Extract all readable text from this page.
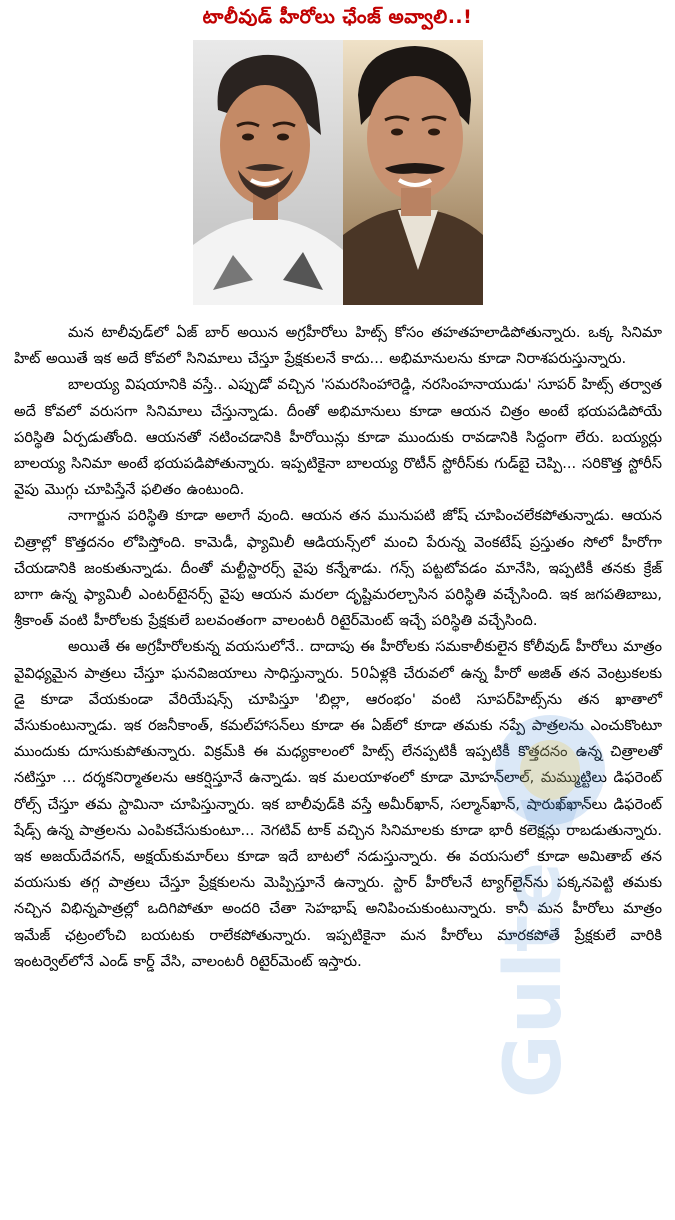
టాలీవుడ్ హీరోలు ఛేంజ్ అవ్వాలి..!

మన టాలీవుడ్‌లో ఏజ్ బార్ అయిన అగ్రహీరోలు హిట్స్ కోసం తహతహలాడిపోతున్నారు. ఒక్క సినిమా హిట్ అయితే ఇక అదే కోవలో సినిమాలు చేస్తూ ప్రేక్షకులనే కాదు... అభిమానులను కూడా నిరాశపరుస్తున్నారు.

బాలయ్య విషయానికి వస్తే.. ఎప్పుడో వచ్చిన 'సమరసింహారెడ్డి, నరసింహనాయుడు' సూపర్ హిట్స్ తర్వాత అదే కోవలో వరుసగా సినిమాలు చేస్తున్నాడు. దీంతో అభిమానులు కూడా ఆయన చిత్రం అంటే భయపడిపోయే పరిస్థితి ఏర్పడుతోంది. ఆయనతో నటించడానికి హీరోయిన్లు కూడా ముందుకు రావడానికి సిద్దంగా లేరు. బయ్యర్లు బాలయ్య సినిమా అంటే భయపడిపోతున్నారు. ఇప్పటికైనా బాలయ్య రొటీన్ స్టోరీస్‌కు గుడ్‌బై చెప్పి... సరికొత్త స్టోరీస్ వైపు మొగ్గు చూపిస్తేనే ఫలితం ఉంటుంది.

నాగార్జున పరిస్థితి కూడా అలాగే వుంది. ఆయన తన మునుపటి జోష్ చూపించలేకపోతున్నాడు. ఆయన చిత్రాల్లో కొత్తదనం లోపిస్తోంది. కామెడీ, ఫ్యామిలీ ఆడియన్స్‌లో మంచి పేరున్న వెంకటేష్ ప్రస్తుతం సోలో హీరోగా చేయడానికి జంకుతున్నాడు. దీంతో మల్టీస్టారర్స్ వైపు కన్నేశాడు. గన్స్ పట్టటోవడం మానేసి, ఇప్పటికీ తనకు క్రేజ్ బాగా ఉన్న ఫ్యామిలీ ఎంటర్‌టైనర్స్ వైపు ఆయన మరలా దృష్టిమరల్చాసిన పరిస్థితి వచ్చేసింది. ఇక జగపతిబాబు, శ్రీకాంత్ వంటి హీరోలకు ప్రేక్షకులే బలవంతంగా వాలంటరీ రిటైర్‌మెంట్ ఇచ్చే పరిస్థితి వచ్చేసింది.

అయితే ఈ అగ్రహీరోలకున్న వయసులోనే.. దాదాపు ఈ హీరోలకు సమకాలీకులైన కోలీవుడ్ హీరోలు మాత్రం వైవిధ్యమైన పాత్రలు చేస్తూ ఘనవిజయాలు సాధిస్తున్నారు. 50ఏళ్లకి చేరువలో ఉన్న హీరో అజిత్ తన వెంట్రుకలకు డై కూడా వేయకుండా వేరియేషన్స్ చూపిస్తూ 'బిల్లా, ఆరంభం' వంటి సూపర్‌హిట్స్‌ను తన ఖాతాలో వేసుకుంటున్నాడు. ఇక రజనీకాంత్, కమల్‌హాసన్‌లు కూడా ఈ ఏజ్‌లో కూడా తమకు నప్పే పాత్రలను ఎంచుకొంటూ ముందుకు దూసుకుపోతున్నారు. విక్రమ్‌కి ఈ మధ్యకాలంలో హిట్స్ లేనప్పటికీ ఇప్పటికీ కొత్తదనం ఉన్న చిత్రాలతో నటిస్తూ ... దర్శకనిర్మాతలను ఆకర్షిస్తూనే ఉన్నాడు. ఇక మలయాళంలో కూడా మోహన్‌లాల్, మమ్ముట్టిలు డిఫరెంట్ రోల్స్ చేస్తూ తమ స్టామినా చూపిస్తున్నారు. ఇక బాలీవుడ్‌కి వస్తే అమీర్‌ఖాన్, సల్మాన్‌ఖాన్, షారుఖ్‌ఖాన్‌లు డిఫరెంట్ షేడ్స్ ఉన్న పాత్రలను ఎంపికచేసుకుంటూ... నెగటివ్ టాక్ వచ్చిన సినిమాలకు కూడా భారీ కలెక్షన్లు రాబడుతున్నారు. ఇక అజయ్‌దేవగన్, అక్షయ్‌కుమార్‌లు కూడా ఇదే బాటలో నడుస్తున్నారు. ఈ వయసులో కూడా అమితాబ్ తన వయసుకు తగ్గ పాత్రలు చేస్తూ ప్రేక్షకులను మెప్పిస్తూనే ఉన్నారు. స్టార్ హీరోలనే ట్యాగ్‌లైన్‌ను పక్కనపెట్టి తమకు నచ్చిన విభిన్నపాత్రల్లో ఒదిగిపోతూ అందరి చేతా సెహభాష్ అనిపించుకుంటున్నారు. కానీ మన హీరోలు మాత్రం ఇమేజ్ ఛట్రంలోంచి బయటకు రాలేకపోతున్నారు. ఇప్పటికైనా మన హీరోలు మారకపోతే ప్రేక్షకులే వారికి ఇంటర్వెల్‌లోనే ఎండ్ కార్డ్ వేసి, వాలంటరీ రిటైర్‌మెంట్ ఇస్తారు.	Gulte
